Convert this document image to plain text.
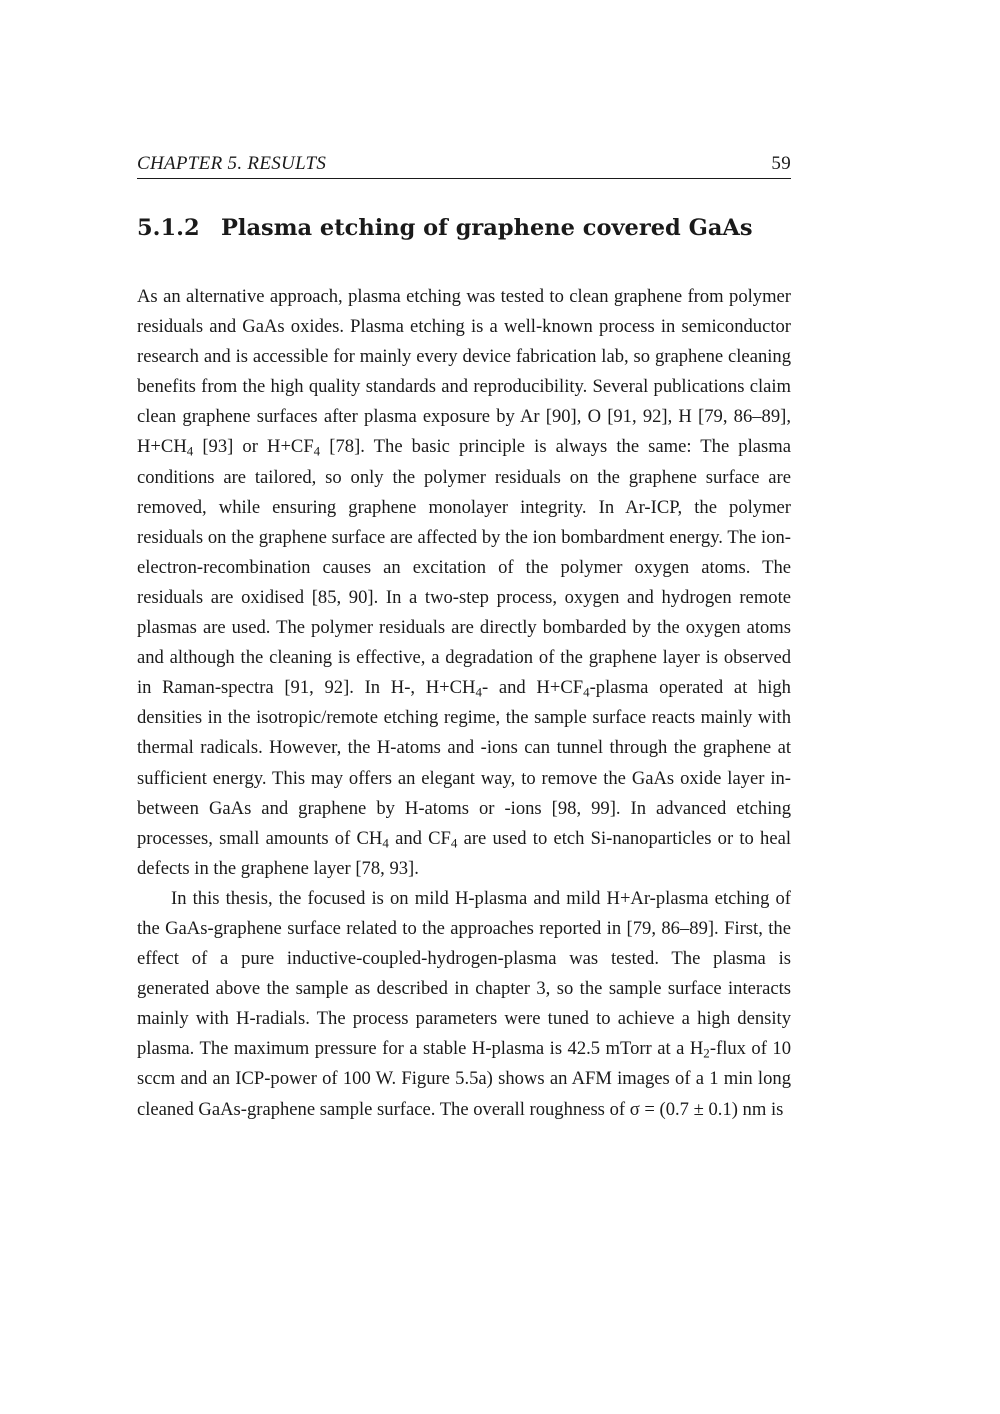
CHAPTER 5. RESULTS	59
5.1.2 Plasma etching of graphene covered GaAs

As an alternative approach, plasma etching was tested to clean graphene from polymer residuals and GaAs oxides. Plasma etching is a well-known process in semiconductor research and is accessible for mainly every device fabrication lab, so graphene cleaning benefits from the high quality standards and reproducibility. Several publications claim clean graphene surfaces after plasma exposure by Ar [90], O [91, 92], H [79, 86–89], $H+CH_4$ [93] or $H+CF_4$ [78]. The basic principle is always the same: The plasma conditions are tailored, so only the polymer residuals on the graphene surface are removed, while ensuring graphene monolayer integrity. In Ar-ICP, the polymer residuals on the graphene surface are affected by the ion bombardment energy. The ion-electron-recombination causes an excitation of the polymer oxygen atoms. The residuals are oxidised [85, 90]. In a two-step process, oxygen and hydrogen remote plasmas are used. The polymer residuals are directly bombarded by the oxygen atoms and although the cleaning is effective, a degradation of the graphene layer is observed in Raman-spectra [91, 92]. In H-, $H+CH_4-$ and $H+CF_4$-plasma operated at high densities in the isotropic/remote etching regime, the sample surface reacts mainly with thermal radicals. However, the H-atoms and -ions can tunnel through the graphene at sufficient energy. This may offers an elegant way, to remove the GaAs oxide layer in-between GaAs and graphene by H-atoms or -ions [98, 99]. In advanced etching processes, small amounts of $CH_4$ and $CF_4$ are used to etch Si-nanoparticles or to heal defects in the graphene layer [78, 93].

In this thesis, the focused is on mild H-plasma and mild H+Ar-plasma etching of the GaAs-graphene surface related to the approaches reported in [79, 86–89]. First, the effect of a pure inductive-coupled-hydrogen-plasma was tested. The plasma is generated above the sample as described in chapter 3, so the sample surface interacts mainly with H-radials. The process parameters were tuned to achieve a high density plasma. The maximum pressure for a stable H-plasma is 42.5 mTorr at a $H_2$-flux of 10 sccm and an ICP-power of 100 W. Figure 5.5a) shows an AFM images of a 1 min long cleaned GaAs-graphene sample surface. The overall roughness of σ = (0.7 ± 0.1) nm is
